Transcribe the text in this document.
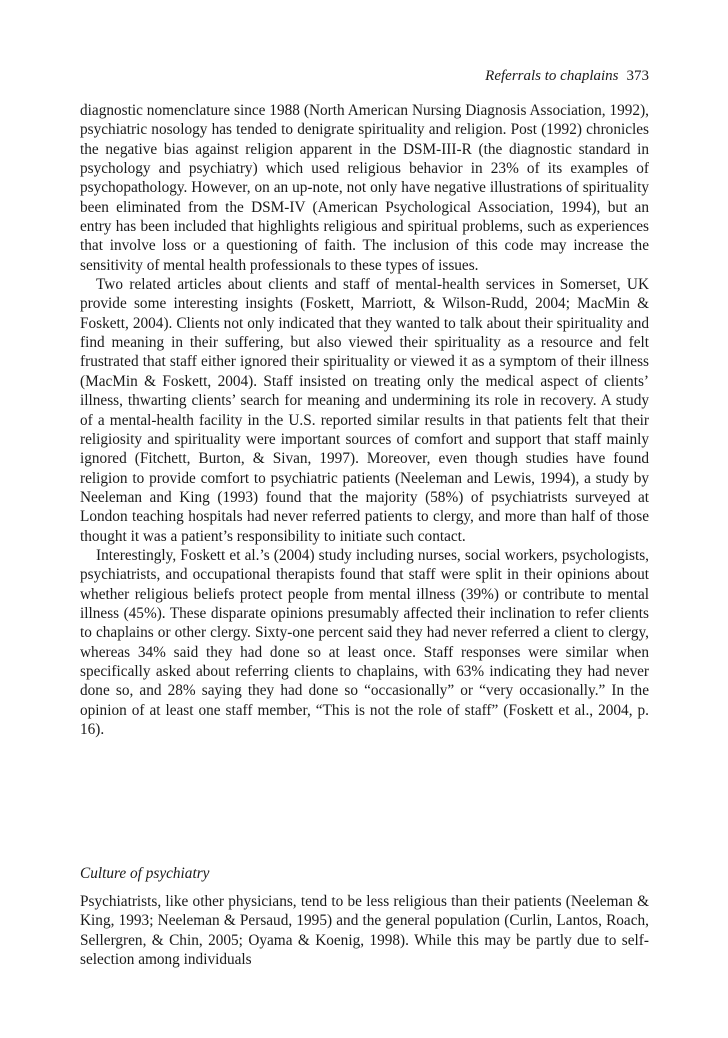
Referrals to chaplains 373

diagnostic nomenclature since 1988 (North American Nursing Diagnosis Association, 1992), psychiatric nosology has tended to denigrate spirituality and religion. Post (1992) chronicles the negative bias against religion apparent in the DSM-III-R (the diagnostic standard in psychology and psychiatry) which used religious behavior in 23% of its examples of psychopathology. However, on an up-note, not only have negative illustrations of spirituality been eliminated from the DSM-IV (American Psychological Association, 1994), but an entry has been included that highlights religious and spiritual problems, such as experiences that involve loss or a questioning of faith. The inclusion of this code may increase the sensitivity of mental health professionals to these types of issues.

Two related articles about clients and staff of mental-health services in Somerset, UK provide some interesting insights (Foskett, Marriott, & Wilson-Rudd, 2004; MacMin & Foskett, 2004). Clients not only indicated that they wanted to talk about their spirituality and find meaning in their suffering, but also viewed their spirituality as a resource and felt frustrated that staff either ignored their spirituality or viewed it as a symptom of their illness (MacMin & Foskett, 2004). Staff insisted on treating only the medical aspect of clients’ illness, thwarting clients’ search for meaning and undermining its role in recovery. A study of a mental-health facility in the U.S. reported similar results in that patients felt that their religiosity and spirituality were important sources of comfort and support that staff mainly ignored (Fitchett, Burton, & Sivan, 1997). Moreover, even though studies have found religion to provide comfort to psychiatric patients (Neeleman and Lewis, 1994), a study by Neeleman and King (1993) found that the majority (58%) of psychiatrists surveyed at London teaching hospitals had never referred patients to clergy, and more than half of those thought it was a patient’s responsibility to initiate such contact.

Interestingly, Foskett et al.’s (2004) study including nurses, social workers, psychologists, psychiatrists, and occupational therapists found that staff were split in their opinions about whether religious beliefs protect people from mental illness (39%) or contribute to mental illness (45%). These disparate opinions presumably affected their inclination to refer clients to chaplains or other clergy. Sixty-one percent said they had never referred a client to clergy, whereas 34% said they had done so at least once. Staff responses were similar when specifically asked about referring clients to chaplains, with 63% indicating they had never done so, and 28% saying they had done so “occasionally” or “very occasionally.” In the opinion of at least one staff member, “This is not the role of staff” (Foskett et al., 2004, p. 16).

Culture of psychiatry

Psychiatrists, like other physicians, tend to be less religious than their patients (Neeleman & King, 1993; Neeleman & Persaud, 1995) and the general population (Curlin, Lantos, Roach, Sellergren, & Chin, 2005; Oyama & Koenig, 1998). While this may be partly due to self-selection among individuals
